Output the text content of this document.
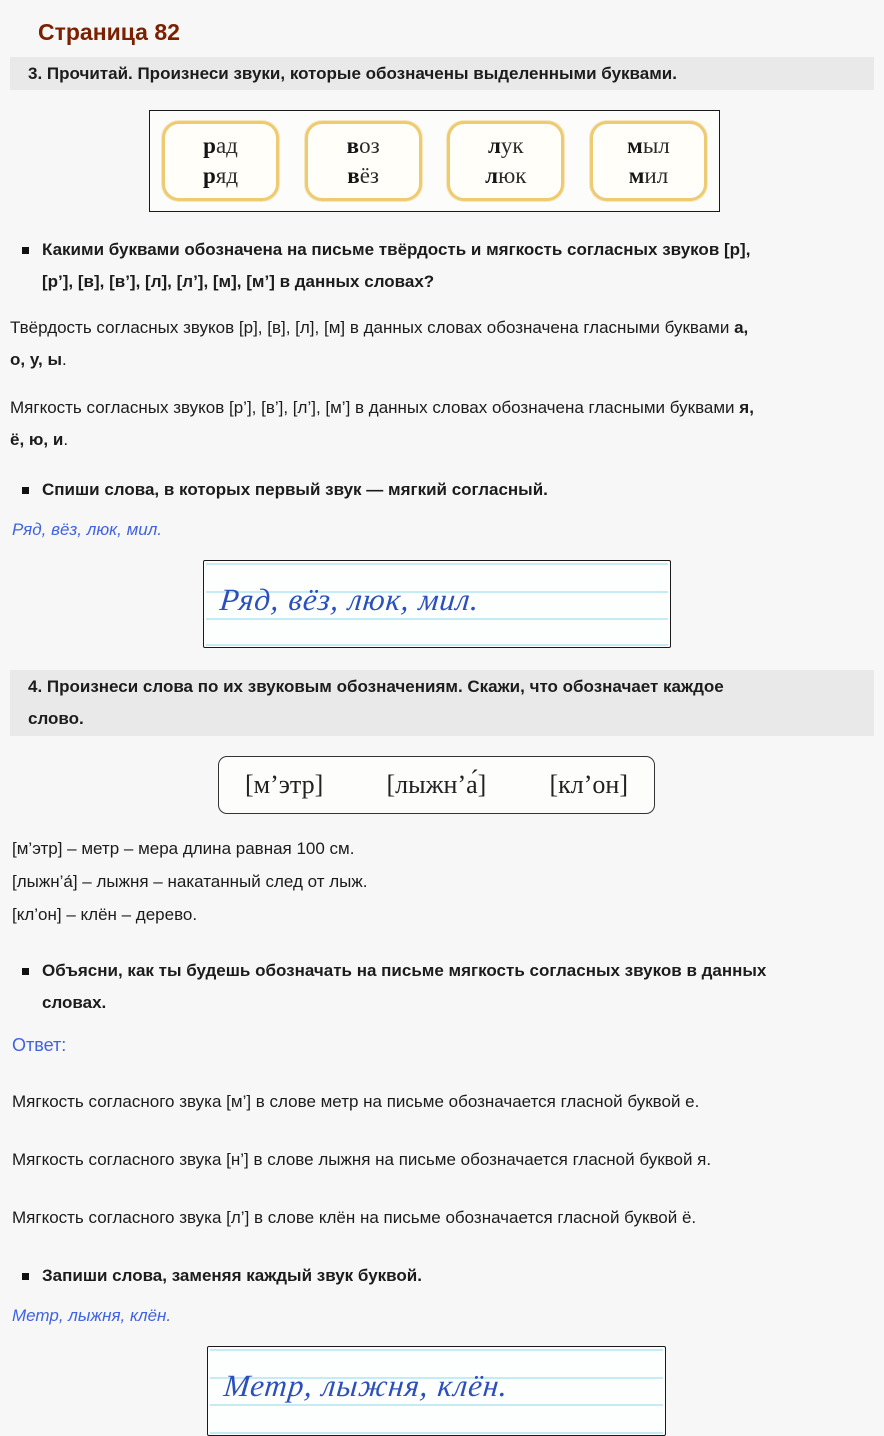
Страница 82
3. Прочитай. Произнеси звуки, которые обозначены выделенными буквами.
рад
ряд
воз
вёз
лук
люк
мыл
мил
Какими буквами обозначена на письме твёрдость и мягкость согласных звуков [р],
[р’], [в], [в’], [л], [л’], [м], [м’] в данных словах?
Твёрдость согласных звуков [р], [в], [л], [м] в данных словах обозначена гласными буквами а,
о, у, ы.
Мягкость согласных звуков [р’], [в’], [л’], [м’] в данных словах обозначена гласными буквами я,
ё, ю, и.
Спиши слова, в которых первый звук — мягкий согласный.
Ряд, вёз, люк, мил.
Ряд, вёз, люк, мил.
4. Произнеси слова по их звуковым обозначениям. Скажи, что обозначает каждое
слово.
[м’этр] [лыжн’а́] [кл’он]
[м’этр] – метр – мера длина равная 100 см.
[лыжн’а́] – лыжня – накатанный след от лыж.
[кл’он] – клён – дерево.
Объясни, как ты будешь обозначать на письме мягкость согласных звуков в данных
словах.
Ответ:
Мягкость согласного звука [м’] в слове метр на письме обозначается гласной буквой е.
Мягкость согласного звука [н’] в слове лыжня на письме обозначается гласной буквой я.
Мягкость согласного звука [л’] в слове клён на письме обозначается гласной буквой ё.
Запиши слова, заменяя каждый звук буквой.
Метр, лыжня, клён.
Метр, лыжня, клён.
